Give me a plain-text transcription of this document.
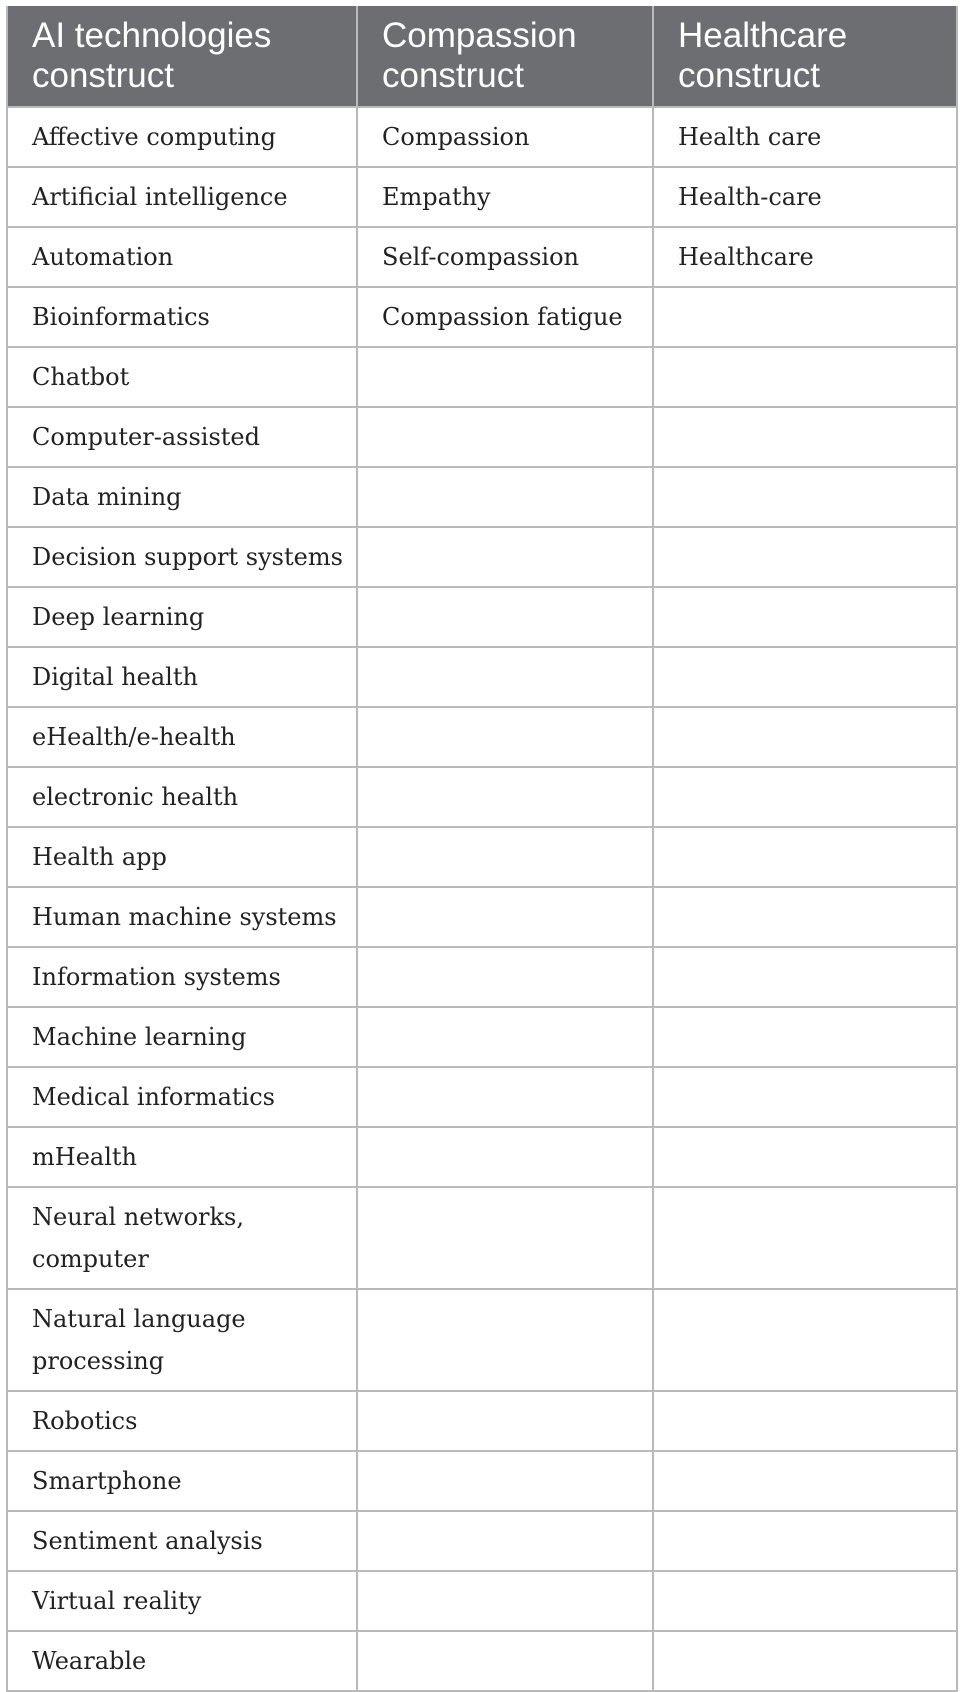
AI technologies construct	Compassion construct	Healthcare construct
Affective computing	Compassion	Health care
Artificial intelligence	Empathy	Health-care
Automation	Self-compassion	Healthcare
Bioinformatics	Compassion fatigue	
Chatbot		
Computer-assisted		
Data mining		
Decision support systems		
Deep learning		
Digital health		
eHealth/e-health		
electronic health		
Health app		
Human machine systems		
Information systems		
Machine learning		
Medical informatics		
mHealth		
Neural networks, computer		
Natural language processing		
Robotics		
Smartphone		
Sentiment analysis		
Virtual reality		
Wearable		
